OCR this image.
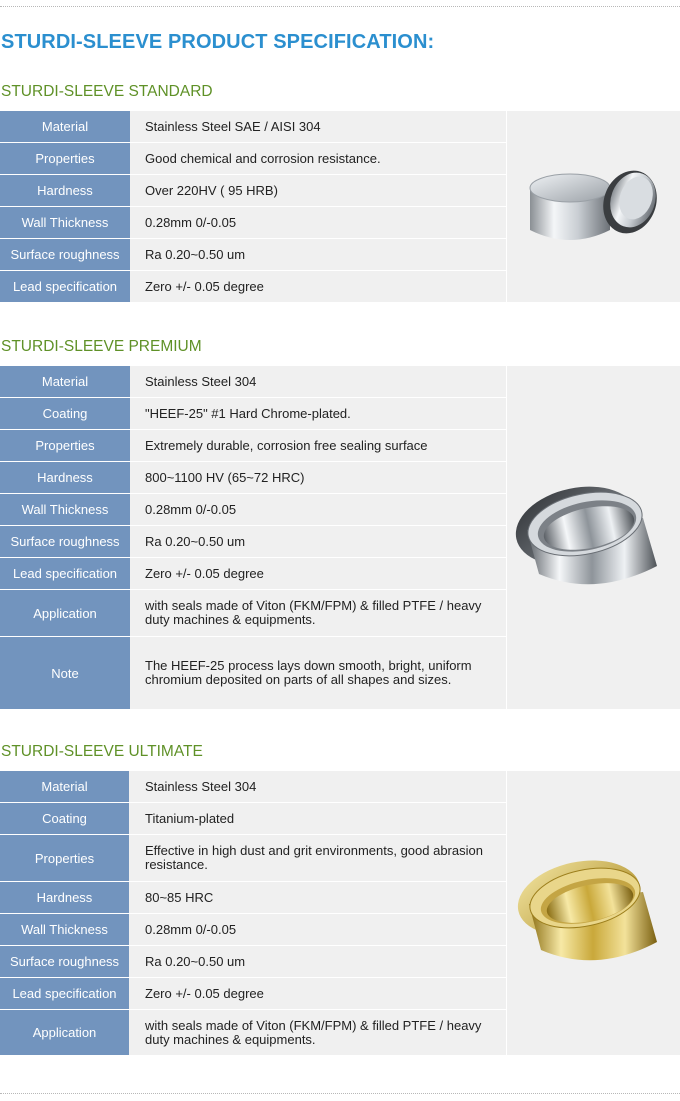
STURDI-SLEEVE PRODUCT SPECIFICATION:
STURDI-SLEEVE STANDARD
Material		Stainless Steel SAE / AISI 304	
Properties		Good chemical and corrosion resistance.	
Hardness		Over 220HV ( 95 HRB)	
Wall Thickness		0.28mm 0/-0.05	
Surface roughness		Ra 0.20~0.50 um	
Lead specification		Zero +/- 0.05 degree	
STURDI-SLEEVE PREMIUM
Material		Stainless Steel 304	
Coating		"HEEF-25" #1 Hard Chrome-plated.	
Properties		Extremely durable, corrosion free sealing surface	
Hardness		800~1100 HV (65~72 HRC)	
Wall Thickness		0.28mm 0/-0.05	
Surface roughness		Ra 0.20~0.50 um	
Lead specification		Zero +/- 0.05 degree	
Application		with seals made of Viton (FKM/FPM) & filled PTFE / heavy duty machines & equipments.	
Note		The HEEF-25 process lays down smooth, bright, uniform chromium deposited on parts of all shapes and sizes.	
STURDI-SLEEVE ULTIMATE
Material		Stainless Steel 304	
Coating		Titanium-plated	
Properties		Effective in high dust and grit environments, good abrasion resistance.	
Hardness		80~85 HRC	
Wall Thickness		0.28mm 0/-0.05	
Surface roughness		Ra 0.20~0.50 um	
Lead specification		Zero +/- 0.05 degree	
Application		with seals made of Viton (FKM/FPM) & filled PTFE / heavy duty machines & equipments.	
